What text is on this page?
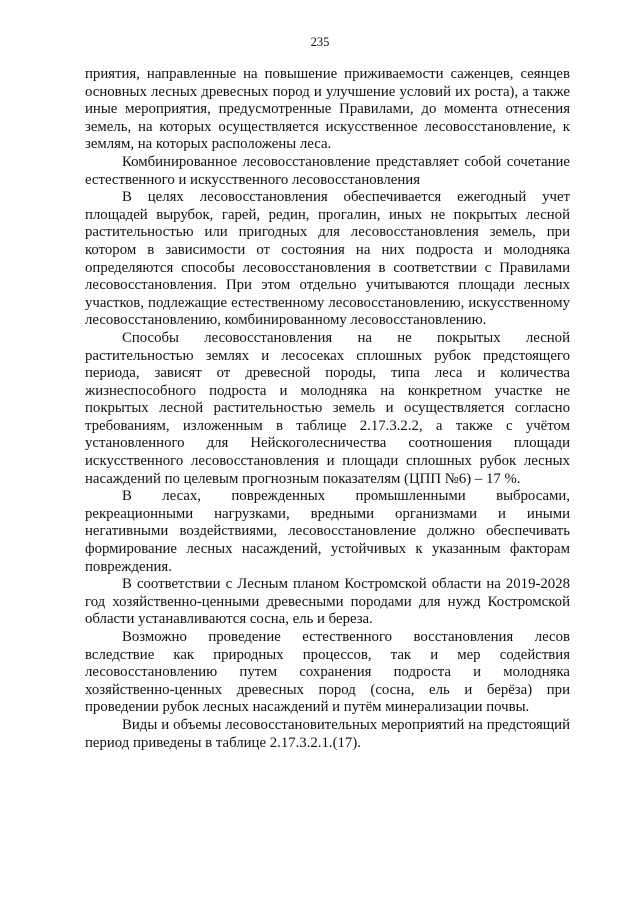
235

приятия, направленные на повышение приживаемости саженцев, сеянцев основных лесных древесных пород и улучшение условий их роста), а также иные мероприятия, предусмотренные Правилами, до момента отнесения земель, на которых осуществляется искусственное лесовосстановление, к землям, на которых расположены леса.

Комбинированное лесовосстановление представляет собой сочетание естественного и искусственного лесовосстановления

В целях лесовосстановления обеспечивается ежегодный учет площадей вырубок, гарей, редин, прогалин, иных не покрытых лесной растительностью или пригодных для лесовосстановления земель, при котором в зависимости от состояния на них подроста и молодняка определяются способы лесовосстановления в соответствии с Правилами лесовосстановления. При этом отдельно учитываются площади лесных участков, подлежащие естественному лесовосстановлению, искусственному лесовосстановлению, комбинированному лесовосстановлению.

Способы лесовосстановления на не покрытых лесной растительностью землях и лесосеках сплошных рубок предстоящего периода, зависят от древесной породы, типа леса и количества жизнеспособного подроста и молодняка на конкретном участке не покрытых лесной растительностью земель и осуществляется согласно требованиям, изложенным в таблице 2.17.3.2.2, а также с учётом установленного для Нейскоголесничества соотношения площади искусственного лесовосстановления и площади сплошных рубок лесных насаждений по целевым прогнозным показателям (ЦПП №6) – 17 %.

В лесах, поврежденных промышленными выбросами, рекреационными нагрузками, вредными организмами и иными негативными воздействиями, лесовосстановление должно обеспечивать формирование лесных насаждений, устойчивых к указанным факторам повреждения.

В соответствии с Лесным планом Костромской области на 2019-2028 год хозяйственно-ценными древесными породами для нужд Костромской области устанавливаются сосна, ель и береза.

Возможно проведение естественного восстановления лесов вследствие как природных процессов, так и мер содействия лесовосстановлению путем сохранения подроста и молодняка хозяйственно-ценных древесных пород (сосна, ель и берёза) при проведении рубок лесных насаждений и путём минерализации почвы.

Виды и объемы лесовосстановительных мероприятий на предстоящий период приведены в таблице 2.17.3.2.1.(17).
